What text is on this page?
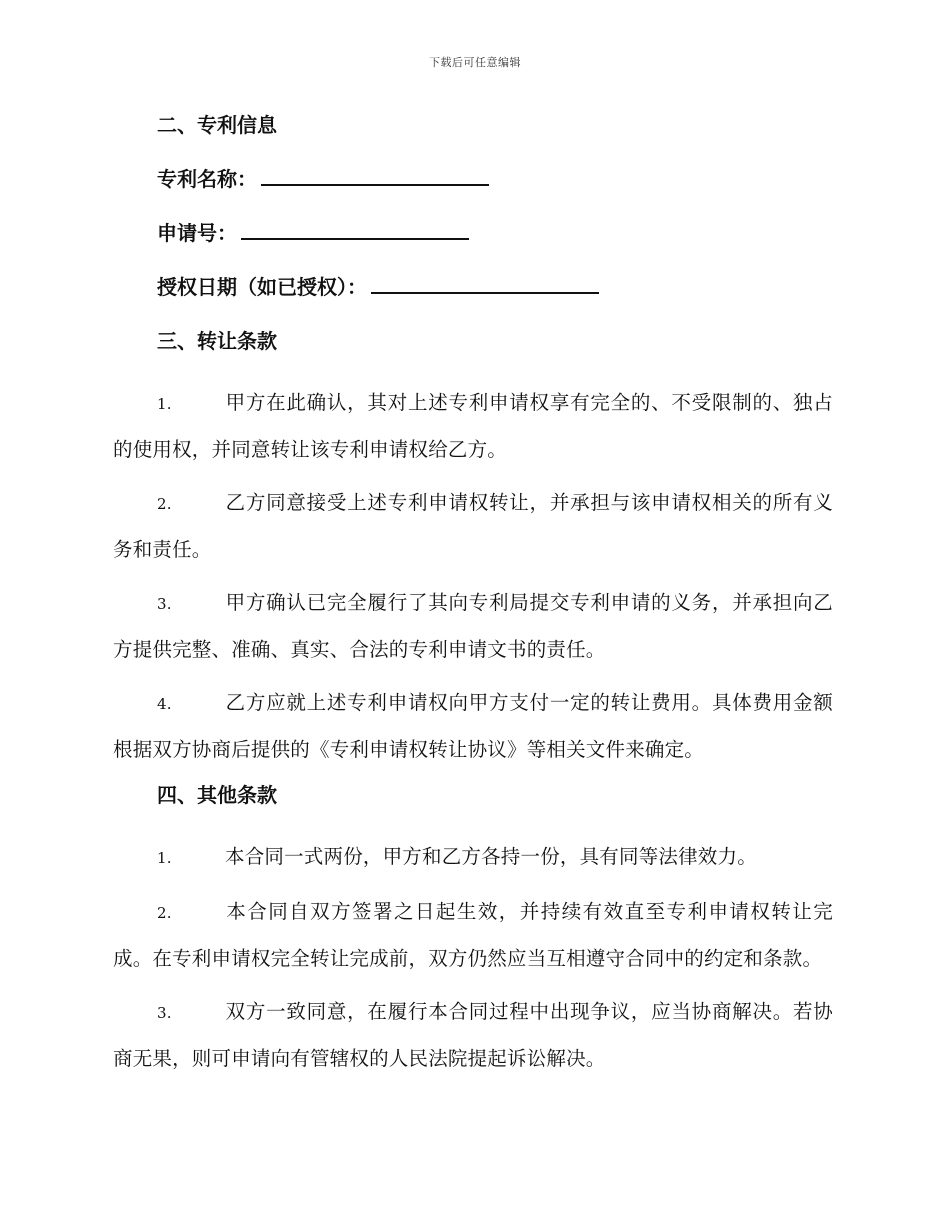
下载后可任意编辑
二、专利信息
专利名称：
申请号：
授权日期（如已授权）：
三、转让条款

1.	甲方在此确认，其对上述专利申请权享有完全的、不受限制的、独占的使用权，并同意转让该专利申请权给乙方。

2.	乙方同意接受上述专利申请权转让，并承担与该申请权相关的所有义务和责任。

3.	甲方确认已完全履行了其向专利局提交专利申请的义务，并承担向乙方提供完整、准确、真实、合法的专利申请文书的责任。

4.	乙方应就上述专利申请权向甲方支付一定的转让费用。具体费用金额根据双方协商后提供的《专利申请权转让协议》等相关文件来确定。

四、其他条款

1.	本合同一式两份，甲方和乙方各持一份，具有同等法律效力。

2.	本合同自双方签署之日起生效，并持续有效直至专利申请权转让完成。在专利申请权完全转让完成前，双方仍然应当互相遵守合同中的约定和条款。

3.	双方一致同意，在履行本合同过程中出现争议，应当协商解决。若协商无果，则可申请向有管辖权的人民法院提起诉讼解决。
